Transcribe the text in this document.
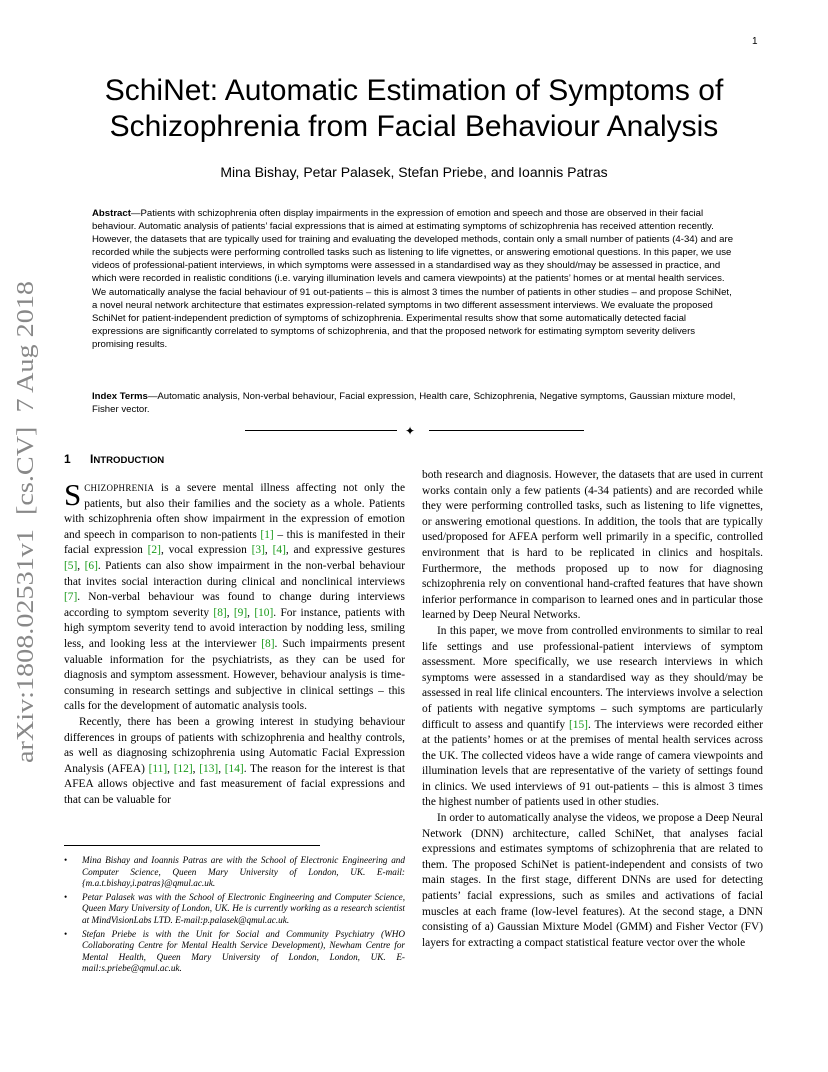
1
arXiv:1808.02531v1  [cs.CV]  7 Aug 2018
SchiNet: Automatic Estimation of Symptoms of
Schizophrenia from Facial Behaviour Analysis
Mina Bishay, Petar Palasek, Stefan Priebe, and Ioannis Patras
Abstract—Patients with schizophrenia often display impairments in the expression of emotion and speech and those are observed in their facial behaviour. Automatic analysis of patients’ facial expressions that is aimed at estimating symptoms of schizophrenia has received attention recently. However, the datasets that are typically used for training and evaluating the developed methods, contain only a small number of patients (4-34) and are recorded while the subjects were performing controlled tasks such as listening to life vignettes, or answering emotional questions. In this paper, we use videos of professional-patient interviews, in which symptoms were assessed in a standardised way as they should/may be assessed in practice, and which were recorded in realistic conditions (i.e. varying illumination levels and camera viewpoints) at the patients’ homes or at mental health services. We automatically analyse the facial behaviour of 91 out-patients – this is almost 3 times the number of patients in other studies – and propose SchiNet, a novel neural network architecture that estimates expression-related symptoms in two different assessment interviews. We evaluate the proposed SchiNet for patient-independent prediction of symptoms of schizophrenia. Experimental results show that some automatically detected facial expressions are significantly correlated to symptoms of schizophrenia, and that the proposed network for estimating symptom severity delivers promising results.
Index Terms—Automatic analysis, Non-verbal behaviour, Facial expression, Health care, Schizophrenia, Negative symptoms, Gaussian mixture model, Fisher vector.
✦
1 INTRODUCTION

SCHIZOPHRENIA is a severe mental illness affecting not only the patients, but also their families and the society as a whole. Patients with schizophrenia often show impairment in the expression of emotion and speech in comparison to non-patients [1] – this is manifested in their facial expression [2], vocal expression [3], [4], and expressive gestures [5], [6]. Patients can also show impairment in the non-verbal behaviour that invites social interaction during clinical and nonclinical interviews [7]. Non-verbal behaviour was found to change during interviews according to symptom severity [8], [9], [10]. For instance, patients with high symptom severity tend to avoid interaction by nodding less, smiling less, and looking less at the interviewer [8]. Such impairments present valuable information for the psychiatrists, as they can be used for diagnosis and symptom assessment. However, behaviour analysis is time-consuming in research settings and subjective in clinical settings – this calls for the development of automatic analysis tools.

Recently, there has been a growing interest in studying behaviour differences in groups of patients with schizophrenia and healthy controls, as well as diagnosing schizophrenia using Automatic Facial Expression Analysis (AFEA) [11], [12], [13], [14]. The reason for the interest is that AFEA allows objective and fast measurement of facial expressions and that can be valuable for

• Mina Bishay and Ioannis Patras are with the School of Electronic Engineering and Computer Science, Queen Mary University of London, UK. E-mail:{m.a.t.bishay,i.patras}@qmul.ac.uk.
• Petar Palasek was with the School of Electronic Engineering and Computer Science, Queen Mary University of London, UK. He is currently working as a research scientist at MindVisionLabs LTD. E-mail:p.palasek@qmul.ac.uk.
• Stefan Priebe is with the Unit for Social and Community Psychiatry (WHO Collaborating Centre for Mental Health Service Development), Newham Centre for Mental Health, Queen Mary University of London, London, UK. E-mail:s.priebe@qmul.ac.uk.

both research and diagnosis. However, the datasets that are used in current works contain only a few patients (4-34 patients) and are recorded while they were performing controlled tasks, such as listening to life vignettes, or answering emotional questions. In addition, the tools that are typically used/proposed for AFEA perform well primarily in a specific, controlled environment that is hard to be replicated in clinics and hospitals. Furthermore, the methods proposed up to now for diagnosing schizophrenia rely on conventional hand-crafted features that have shown inferior performance in comparison to learned ones and in particular those learned by Deep Neural Networks.

In this paper, we move from controlled environments to similar to real life settings and use professional-patient interviews of symptom assessment. More specifically, we use research interviews in which symptoms were assessed in a standardised way as they should/may be assessed in real life clinical encounters. The interviews involve a selection of patients with negative symptoms – such symptoms are particularly difficult to assess and quantify [15]. The interviews were recorded either at the patients’ homes or at the premises of mental health services across the UK. The collected videos have a wide range of camera viewpoints and illumination levels that are representative of the variety of settings found in clinics. We used interviews of 91 out-patients – this is almost 3 times the highest number of patients used in other studies.

In order to automatically analyse the videos, we propose a Deep Neural Network (DNN) architecture, called SchiNet, that analyses facial expressions and estimates symptoms of schizophrenia that are related to them. The proposed SchiNet is patient-independent and consists of two main stages. In the first stage, different DNNs are used for detecting patients’ facial expressions, such as smiles and activations of facial muscles at each frame (low-level features). At the second stage, a DNN consisting of a) Gaussian Mixture Model (GMM) and Fisher Vector (FV) layers for extracting a compact statistical feature vector over the whole
